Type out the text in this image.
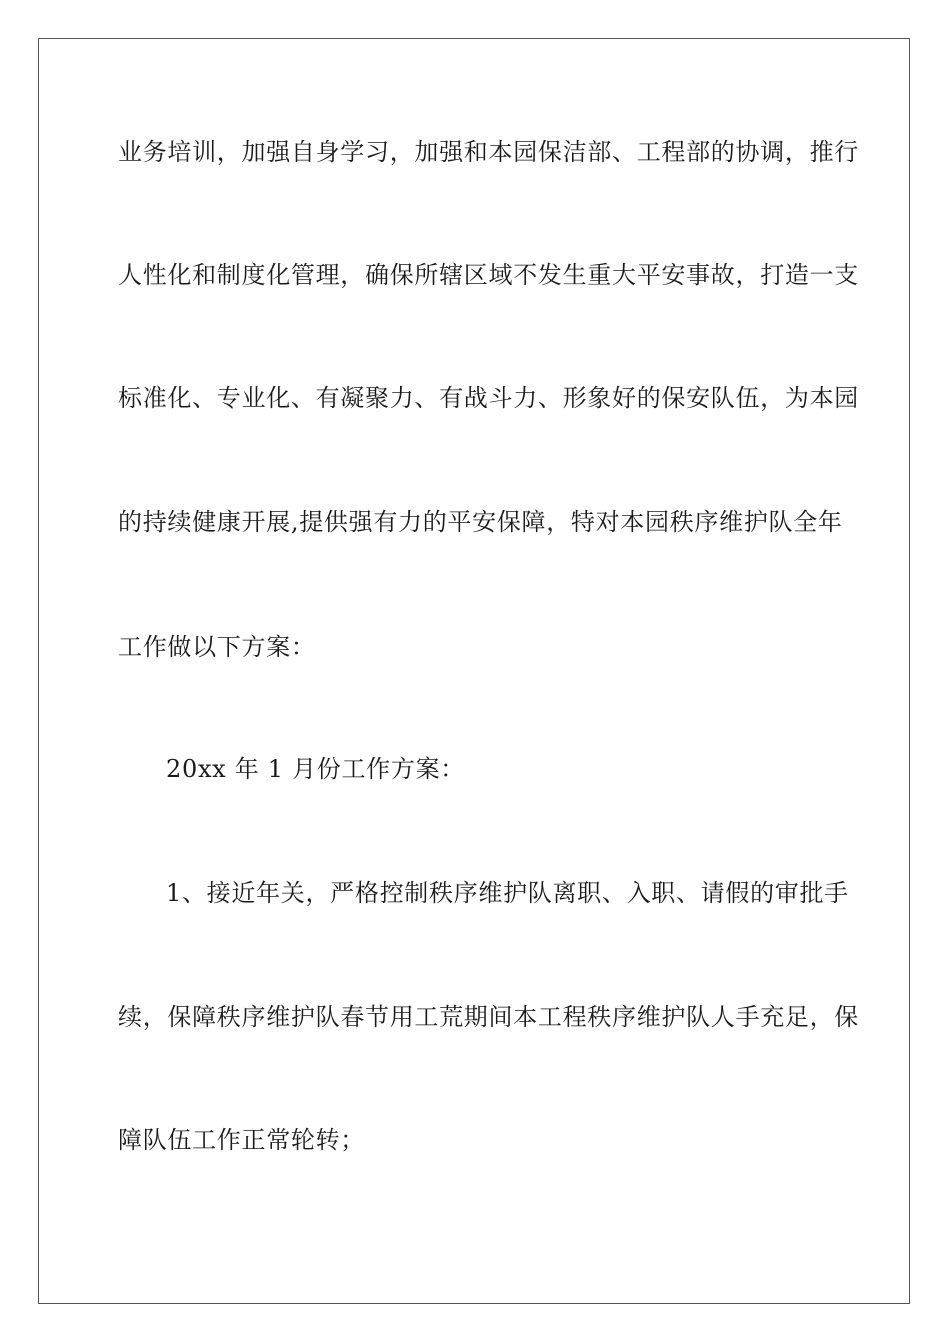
业务培训，加强自身学习，加强和本园保洁部、工程部的协调，推行
人性化和制度化管理，确保所辖区域不发生重大平安事故，打造一支
标准化、专业化、有凝聚力、有战斗力、形象好的保安队伍，为本园
的持续健康开展,提供强有力的平安保障，特对本园秩序维护队全年
工作做以下方案：
20xx 年 1 月份工作方案：
1、接近年关，严格控制秩序维护队离职、入职、请假的审批手
续，保障秩序维护队春节用工荒期间本工程秩序维护队人手充足，保
障队伍工作正常轮转；
